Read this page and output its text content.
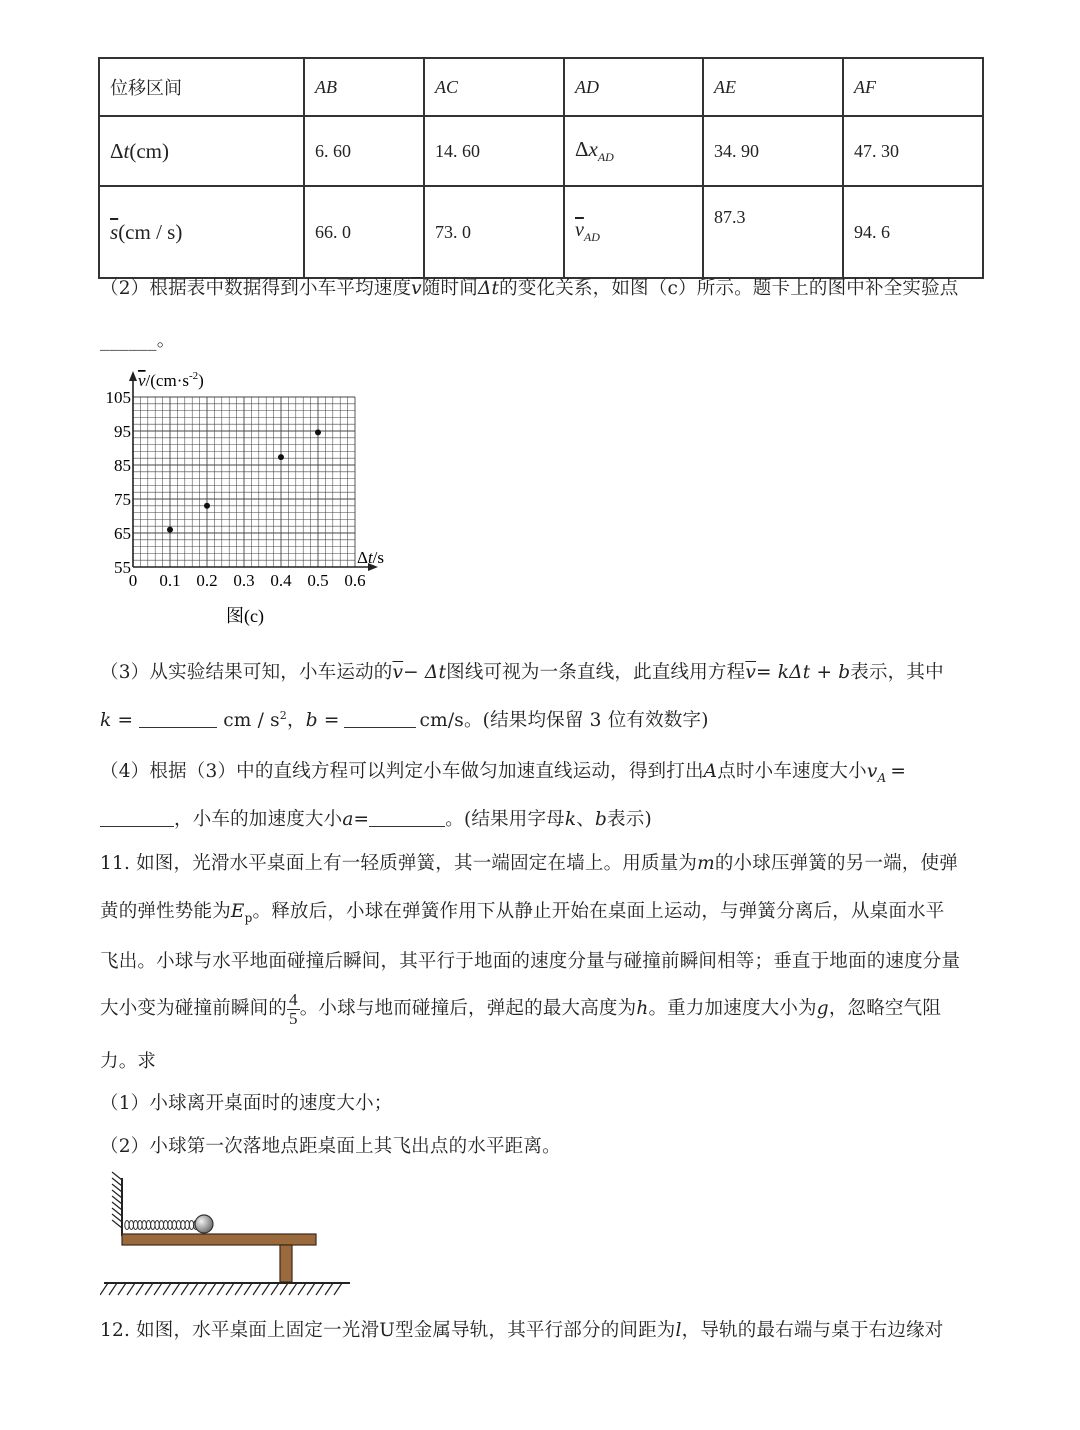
位移区间	AB	AC	AD	AE	AF
Δt(cm)	6. 60	14. 60	$\Delta x_{AD}$	34. 90	47. 30
$\overline{s}(cm / s)$	66. 0	73. 0	$\overline{v}_{AD}$	87.3	94. 6
（2）根据表中数据得到小车平均速度$\overline{v}$随时间Δt的变化关系，如图（c）所示。题卡上的图中补全实验点
______。
0 0.1 0.2 0.3 0.4 0.5 0.6
55
65
75
85
95
105
$v/(cm\cdot s^{-2})$
Δt/s
图(c)
（3）从实验结果可知，小车运动的$\overline{v}- \Delta t$图线可视为一条直线，此直线用方程$\overline{v}= k\Delta t + b$表示，其中
k =	cm / $s^2$，b =	cm/s。(结果均保留 3 位有效数字)
（4）根据（3）中的直线方程可以判定小车做匀加速直线运动，得到打出A点时小车速度大小$v_A$ =
，小车的加速度大小a=	。(结果用字母k、b表示)
11. 如图，光滑水平桌面上有一轻质弹簧，其一端固定在墙上。用质量为m的小球压弹簧的另一端，使弹
黄的弹性势能为$E_p$。释放后，小球在弹簧作用下从静止开始在桌面上运动，与弹簧分离后，从桌面水平
飞出。小球与水平地面碰撞后瞬间，其平行于地面的速度分量与碰撞前瞬间相等；垂直于地面的速度分量
大小变为碰撞前瞬间的 $\frac{4}{5}$ 。小球与地而碰撞后，弹起的最大高度为h。重力加速度大小为g，忽略空气阻
力。求
（1）小球离开桌面时的速度大小；
（2）小球第一次落地点距桌面上其飞出点的水平距离。
12. 如图，水平桌面上固定一光滑U型金属导轨，其平行部分的间距为l，导轨的最右端与桌于右边缘对
